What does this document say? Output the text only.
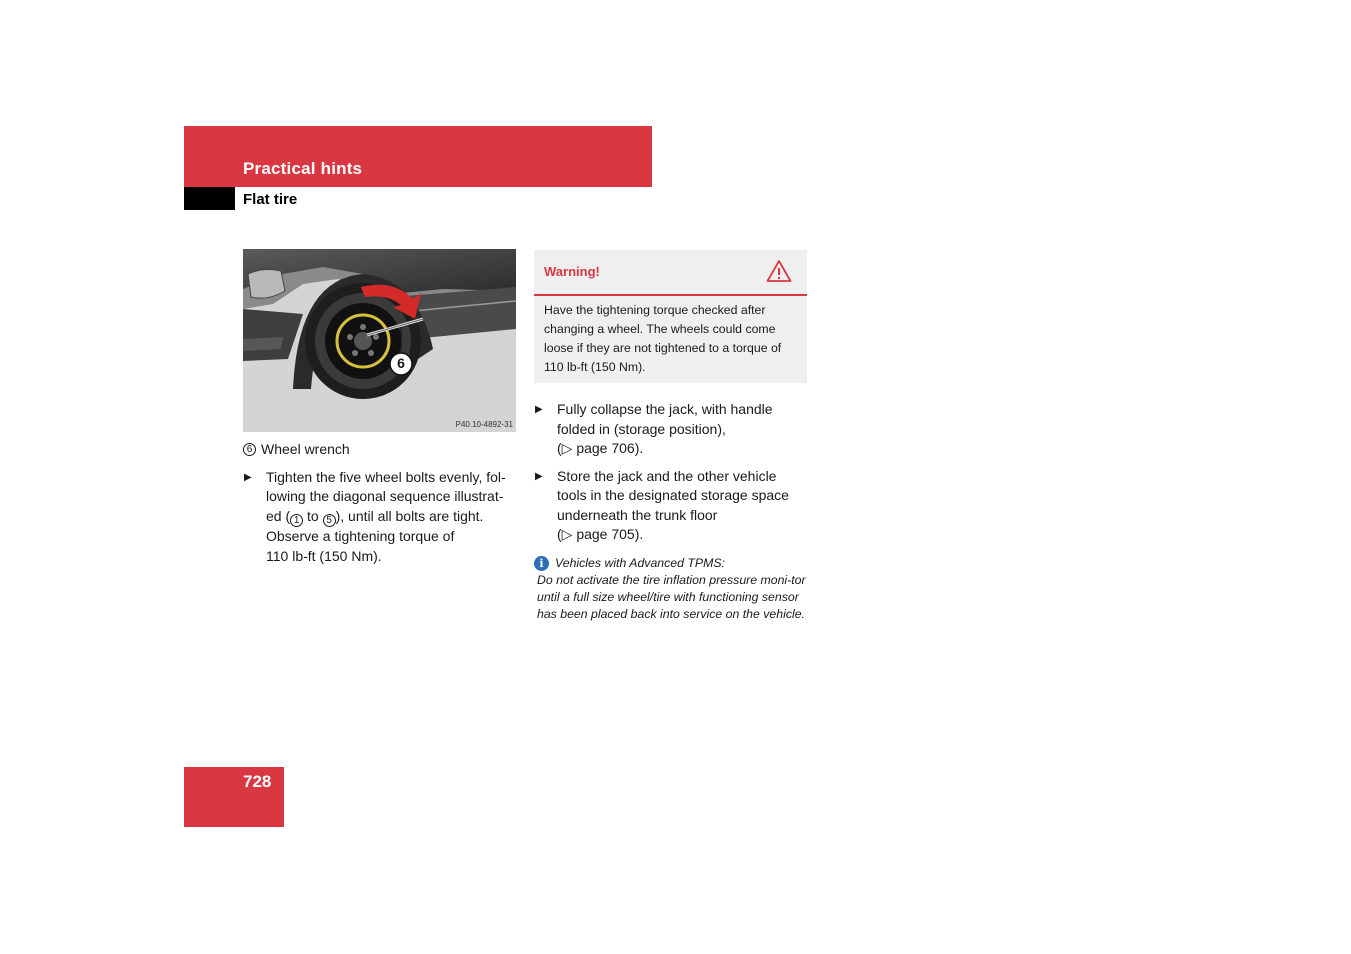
Practical hints
Flat tire
6
P40.10-4892-31
6 Wheel wrench
▶ Tighten the five wheel bolts evenly, fol-
lowing the diagonal sequence illustrat-
ed ( 1 to 5 ), until all bolts are tight.
Observe a tightening torque of
110 lb-ft (150 Nm).
Warning!
Have the tightening torque checked after changing a wheel. The wheels could come loose if they are not tightened to a torque of 110 lb-ft (150 Nm).
▶ Fully collapse the jack, with handle
folded in (storage position),
(▷ page 706).
▶ Store the jack and the other vehicle
tools in the designated storage space
underneath the trunk floor
(▷ page 705).
i Vehicles with Advanced TPMS:
Do not activate the tire inflation pressure moni-tor until a full size wheel/tire with functioning sensor has been placed back into service on the vehicle.
728
